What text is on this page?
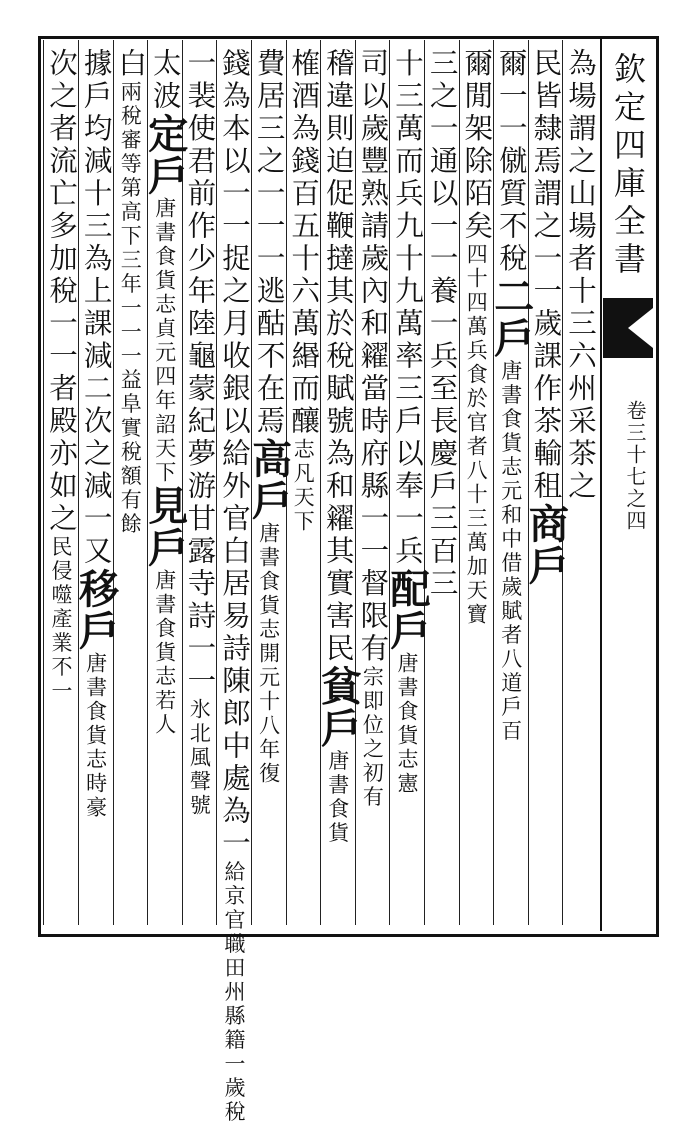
欽定四庫全書
卷三十七之四
為場謂之山場者十三六州采茶之
民皆隸焉謂之一一歲課作茶輸租商戶
爾一一僦質不稅二戶唐書食貨志元和中借歲賦者八道戶百
爾閒架除陌矣四十四萬兵食於官者八十三萬加天寶
三之一通以一一養一兵至長慶戶三百三
十三萬而兵九十九萬率三戶以奉一兵配戶唐書食貨志憲
司以歲豐熟請歲內和糴當時府縣一一督限有宗即位之初有
稽違則迫促鞭撻其於稅賦號為和糴其實害民貧戶唐書食貨
榷酒為錢百五十六萬緡而釀志凡天下
費居三之一一一逃酤不在焉高戶唐書食貨志開元十八年復
錢為本以一一捉之月收銀以給外官白居易詩陳郎中處為一給京官職田州縣籍一歲稅
一裴使君前作少年陸龜蒙紀夢游甘露寺詩一一氷北風聲號
太波定戶唐書食貨志貞元四年詔天下見戶唐書食貨志若人
白兩稅審等第高下三年一一一益阜實稅額有餘
據戶均減十三為上課減二次之減一又移戶唐書食貨志時豪
次之者流亡多加稅一一者殿亦如之民侵噬產業不一
